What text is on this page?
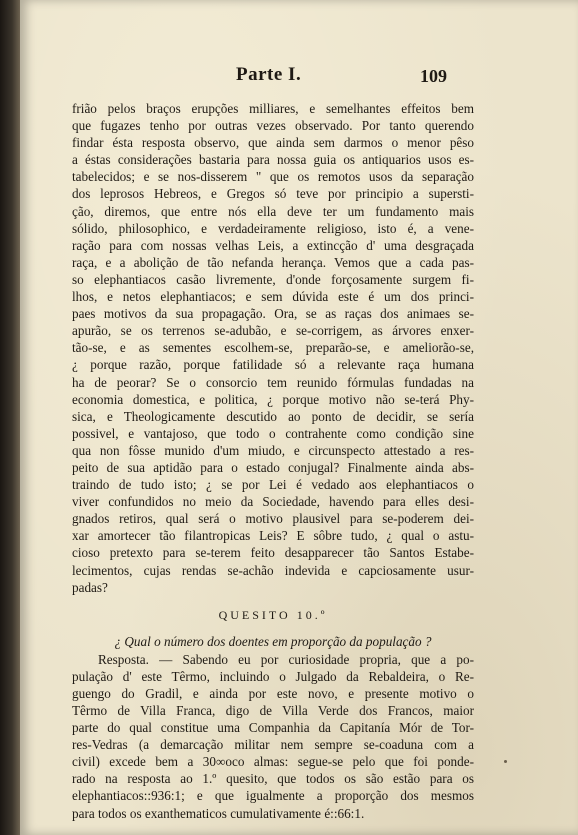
Parte I.	109
frião pelos braços erupções milliares, e semelhantes effeitos bem
que fugazes tenho por outras vezes observado. Por tanto querendo
findar ésta resposta observo, que ainda sem darmos o menor pêso
a éstas considerações bastaria para nossa guia os antiquarios usos es-
tabelecidos; e se nos-disserem " que os remotos usos da separação
dos leprosos Hebreos, e Gregos só teve por principio a supersti-
ção, diremos, que entre nós ella deve ter um fundamento mais
sólido, philosophico, e verdadeiramente religioso, isto é, a vene-
ração para com nossas velhas Leis, a extincção d' uma desgraçada
raça, e a abolição de tão nefanda herança. Vemos que a cada pas-
so elephantiacos casão livremente, d'onde forçosamente surgem fi-
lhos, e netos elephantiacos; e sem dúvida este é um dos princi-
paes motivos da sua propagação. Ora, se as raças dos animaes se-
apurão, se os terrenos se-adubão, e se-corrigem, as árvores enxer-
tão-se, e as sementes escolhem-se, preparão-se, e ameliorão-se,
¿ porque razão, porque fatilidade só a relevante raça humana
ha de peorar? Se o consorcio tem reunido fórmulas fundadas na
economia domestica, e politica, ¿ porque motivo não se-terá Phy-
sica, e Theologicamente descutido ao ponto de decidir, se sería
possivel, e vantajoso, que todo o contrahente como condição sine
qua non fôsse munido d'um miudo, e circunspecto attestado a res-
peito de sua aptidão para o estado conjugal? Finalmente ainda abs-
traindo de tudo isto; ¿ se por Lei é vedado aos elephantiacos o
viver confundidos no meio da Sociedade, havendo para elles desi-
gnados retiros, qual será o motivo plausivel para se-poderem dei-
xar amortecer tão filantropicas Leis? E sôbre tudo, ¿ qual o astu-
cioso pretexto para se-terem feito desapparecer tão Santos Estabe-
lecimentos, cujas rendas se-achão indevida e capciosamente usur-
padas?
QUESITO 10.º
¿ Qual o número dos doentes em proporção da população ?
Resposta. — Sabendo eu por curiosidade propria, que a po-
pulação d' este Têrmo, incluindo o Julgado da Rebaldeira, o Re-
guengo do Gradil, e ainda por este novo, e presente motivo o
Têrmo de Villa Franca, digo de Villa Verde dos Francos, maior
parte do qual constitue uma Companhia da Capitanía Mór de Tor-
res-Vedras (a demarcação militar nem sempre se-coaduna com a
civil) excede bem a 30∞oco almas: segue-se pelo que foi ponde-
rado na resposta ao 1.º quesito, que todos os são estão para os
elephantiacos::936:1; e que igualmente a proporção dos mesmos
para todos os exanthematicos cumulativamente é::66:1.
